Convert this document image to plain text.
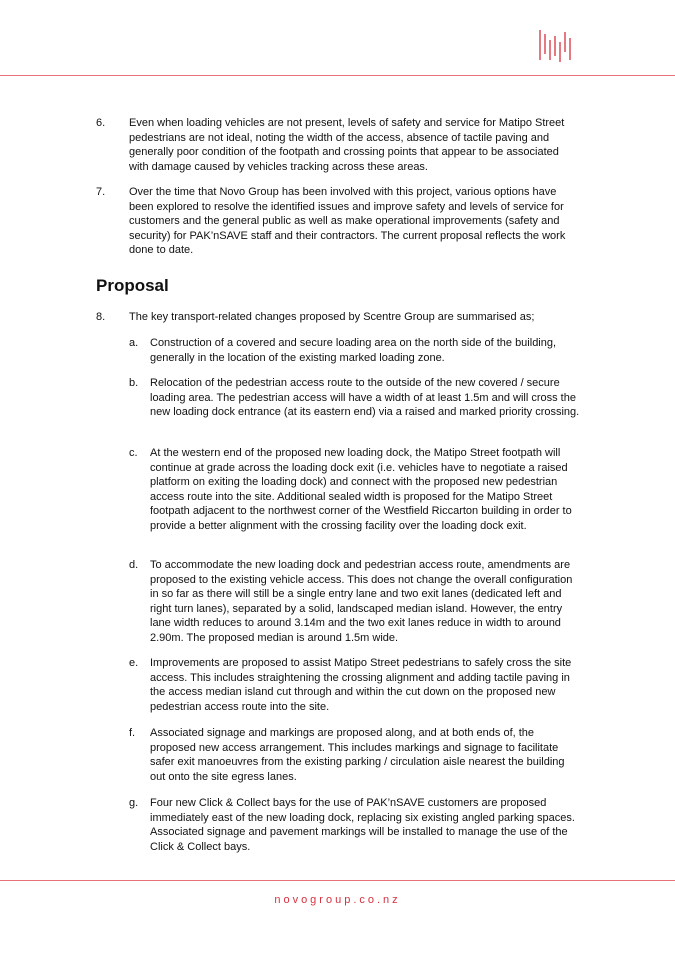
6.	Even when loading vehicles are not present, levels of safety and service for Matipo Street pedestrians are not ideal, noting the width of the access, absence of tactile paving and generally poor condition of the footpath and crossing points that appear to be associated with damage caused by vehicles tracking across these areas.
7.	Over the time that Novo Group has been involved with this project, various options have been explored to resolve the identified issues and improve safety and levels of service for customers and the general public as well as make operational improvements (safety and security) for PAK’nSAVE staff and their contractors. The current proposal reflects the work done to date.
Proposal
8.	The key transport-related changes proposed by Scentre Group are summarised as;
a.	Construction of a covered and secure loading area on the north side of the building, generally in the location of the existing marked loading zone.
b.	Relocation of the pedestrian access route to the outside of the new covered / secure loading area. The pedestrian access will have a width of at least 1.5m and will cross the new loading dock entrance (at its eastern end) via a raised and marked priority crossing.
c.	At the western end of the proposed new loading dock, the Matipo Street footpath will continue at grade across the loading dock exit (i.e. vehicles have to negotiate a raised platform on exiting the loading dock) and connect with the proposed new pedestrian access route into the site. Additional sealed width is proposed for the Matipo Street footpath adjacent to the northwest corner of the Westfield Riccarton building in order to provide a better alignment with the crossing facility over the loading dock exit.
d.	To accommodate the new loading dock and pedestrian access route, amendments are proposed to the existing vehicle access. This does not change the overall configuration in so far as there will still be a single entry lane and two exit lanes (dedicated left and right turn lanes), separated by a solid, landscaped median island. However, the entry lane width reduces to around 3.14m and the two exit lanes reduce in width to around 2.90m. The proposed median is around 1.5m wide.
e.	Improvements are proposed to assist Matipo Street pedestrians to safely cross the site access. This includes straightening the crossing alignment and adding tactile paving in the access median island cut through and within the cut down on the proposed new pedestrian access route into the site.
f.	Associated signage and markings are proposed along, and at both ends of, the proposed new access arrangement. This includes markings and signage to facilitate safer exit manoeuvres from the existing parking / circulation aisle nearest the building out onto the site egress lanes.
g.	Four new Click & Collect bays for the use of PAK’nSAVE customers are proposed immediately east of the new loading dock, replacing six existing angled parking spaces. Associated signage and pavement markings will be installed to manage the use of the Click & Collect bays.
novogroup.co.nz
